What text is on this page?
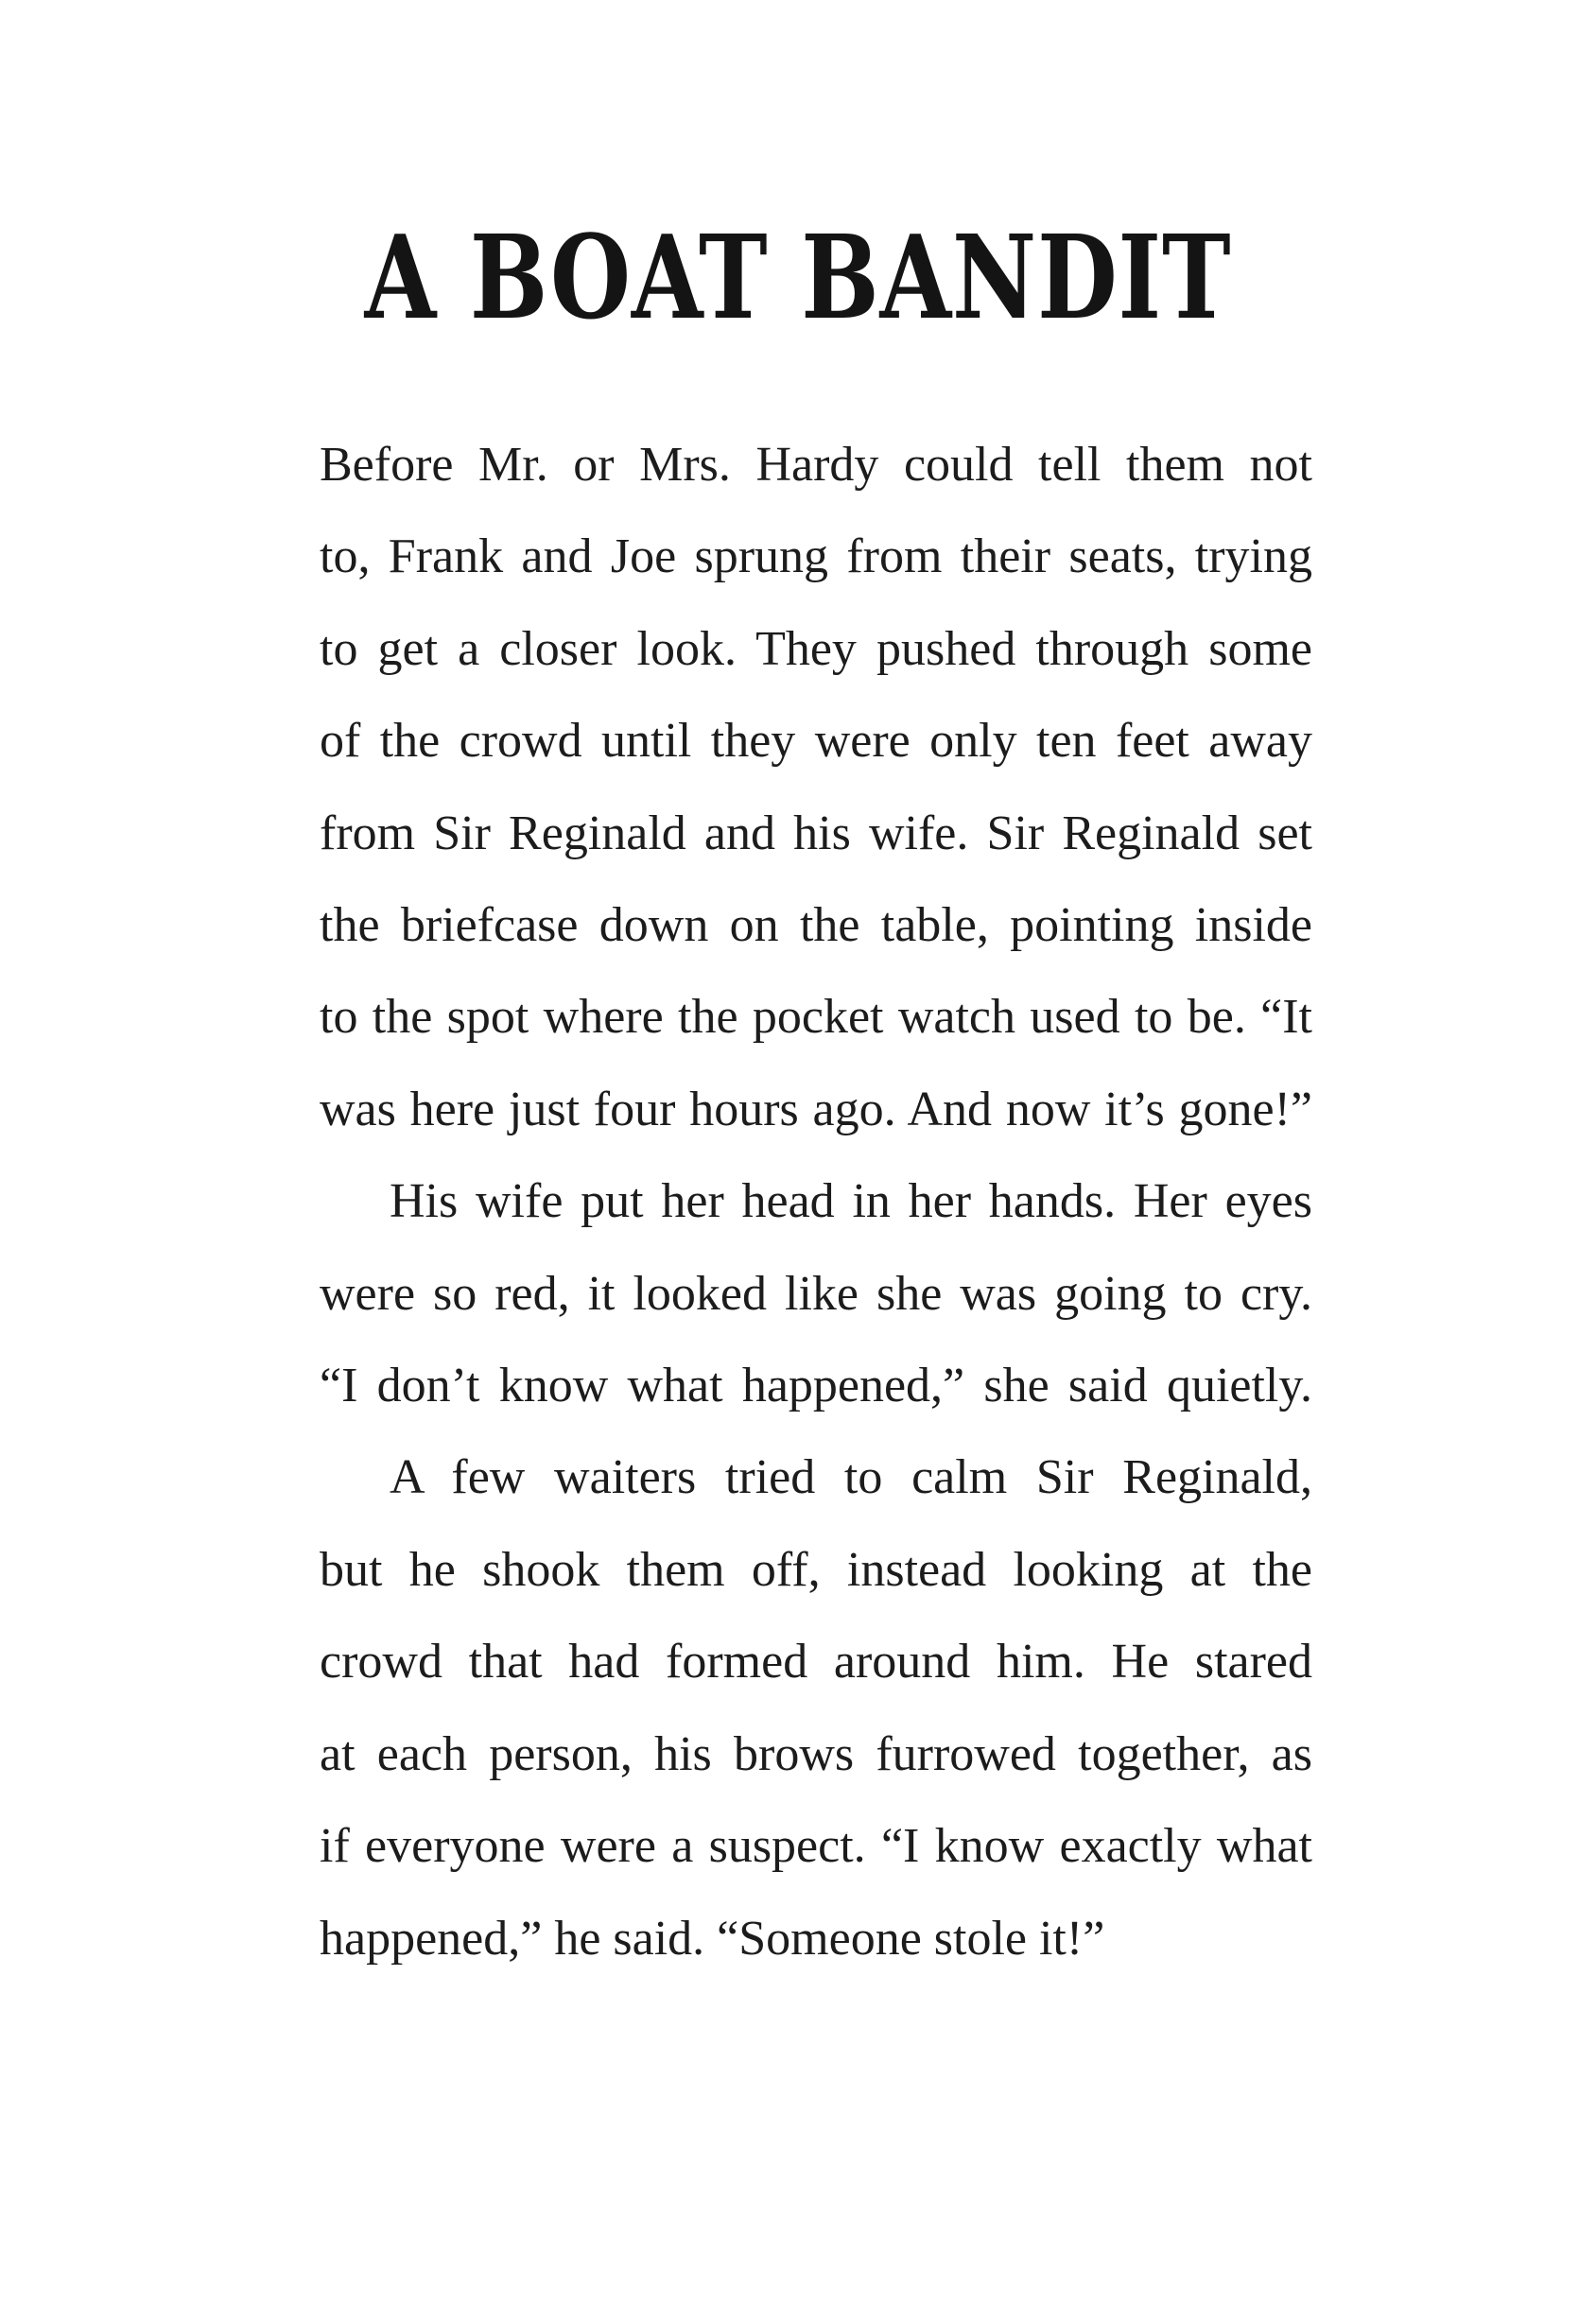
A BOAT BANDIT
Before Mr. or Mrs. Hardy could tell them not
to, Frank and Joe sprung from their seats, trying
to get a closer look. They pushed through some
of the crowd until they were only ten feet away
from Sir Reginald and his wife. Sir Reginald set
the briefcase down on the table, pointing inside
to the spot where the pocket watch used to be. “It
was here just four hours ago. And now it’s gone!”
His wife put her head in her hands. Her eyes
were so red, it looked like she was going to cry.
“I don’t know what happened,” she said quietly.
A few waiters tried to calm Sir Reginald,
but he shook them off, instead looking at the
crowd that had formed around him. He stared
at each person, his brows furrowed together, as
if everyone were a suspect. “I know exactly what
happened,” he said. “Someone stole it!”
